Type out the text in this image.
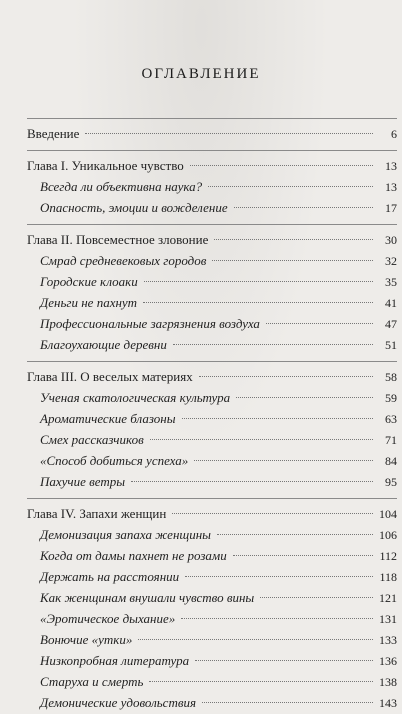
ОГЛАВЛЕНИЕ
Введение	6
Глава I. Уникальное чувство	13
Всегда ли объективна наука?	13
Опасность, эмоции и вожделение	17
Глава II. Повсеместное зловоние	30
Смрад средневековых городов	32
Городские клоаки	35
Деньги не пахнут	41
Профессиональные загрязнения воздуха	47
Благоухающие деревни	51
Глава III. О веселых материях	58
Ученая скатологическая культура	59
Ароматические блазоны	63
Смех рассказчиков	71
«Способ добиться успеха»	84
Пахучие ветры	95
Глава IV. Запахи женщин	104
Демонизация запаха женщины	106
Когда от дамы пахнет не розами	112
Держать на расстоянии	118
Как женщинам внушали чувство вины	121
«Эротическое дыхание»	131
Вонючие «утки»	133
Низкопробная литература	136
Старуха и смерть	138
Демонические удовольствия	143
